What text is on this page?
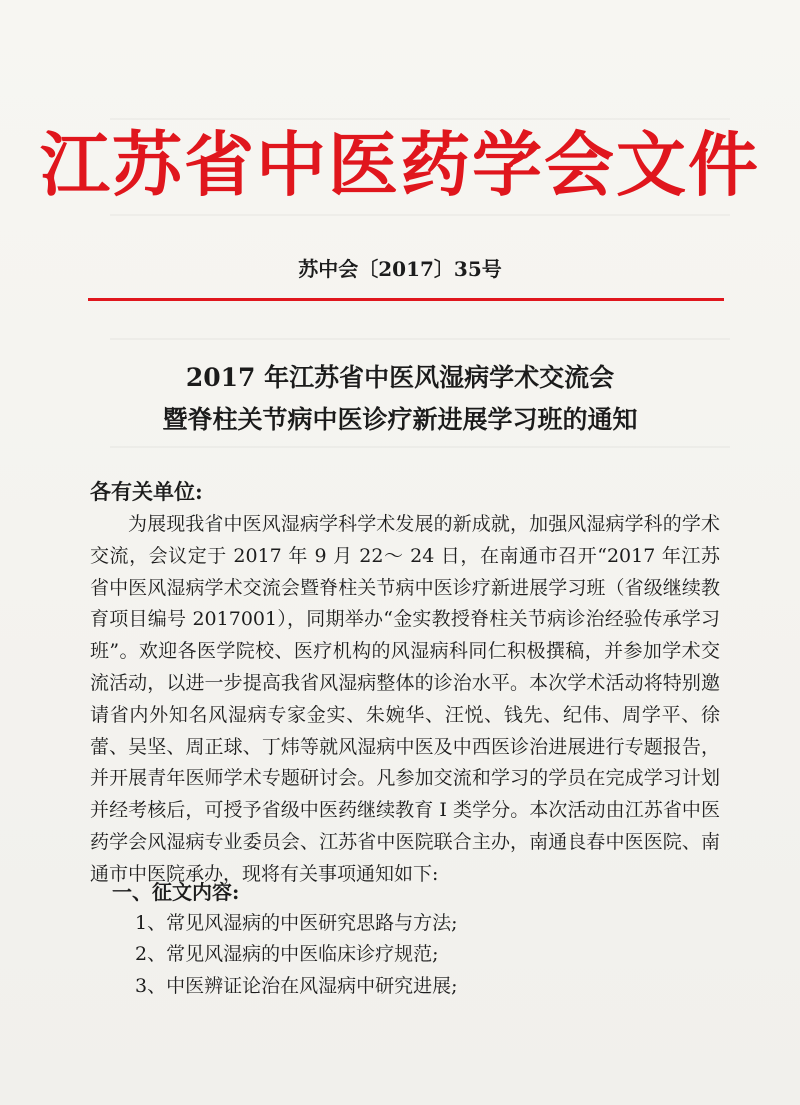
江苏省中医药学会文件
苏中会〔2017〕35号
2017 年江苏省中医风湿病学术交流会
暨脊柱关节病中医诊疗新进展学习班的通知
各有关单位:
为展现我省中医风湿病学科学术发展的新成就，加强风湿病学科的学术交流，会议定于 2017 年 9 月 22～ 24 日，在南通市召开“2017 年江苏省中医风湿病学术交流会暨脊柱关节病中医诊疗新进展学习班（省级继续教育项目编号 2017001），同期举办“金实教授脊柱关节病诊治经验传承学习班”。欢迎各医学院校、医疗机构的风湿病科同仁积极撰稿，并参加学术交流活动，以进一步提高我省风湿病整体的诊治水平。本次学术活动将特别邀请省内外知名风湿病专家金实、朱婉华、汪悦、钱先、纪伟、周学平、徐蕾、吴坚、周正球、丁炜等就风湿病中医及中西医诊治进展进行专题报告，并开展青年医师学术专题研讨会。凡参加交流和学习的学员在完成学习计划并经考核后，可授予省级中医药继续教育 I 类学分。本次活动由江苏省中医药学会风湿病专业委员会、江苏省中医院联合主办，南通良春中医医院、南通市中医院承办，现将有关事项通知如下:
一、征文内容:
1、常见风湿病的中医研究思路与方法;
2、常见风湿病的中医临床诊疗规范;
3、中医辨证论治在风湿病中研究进展;
